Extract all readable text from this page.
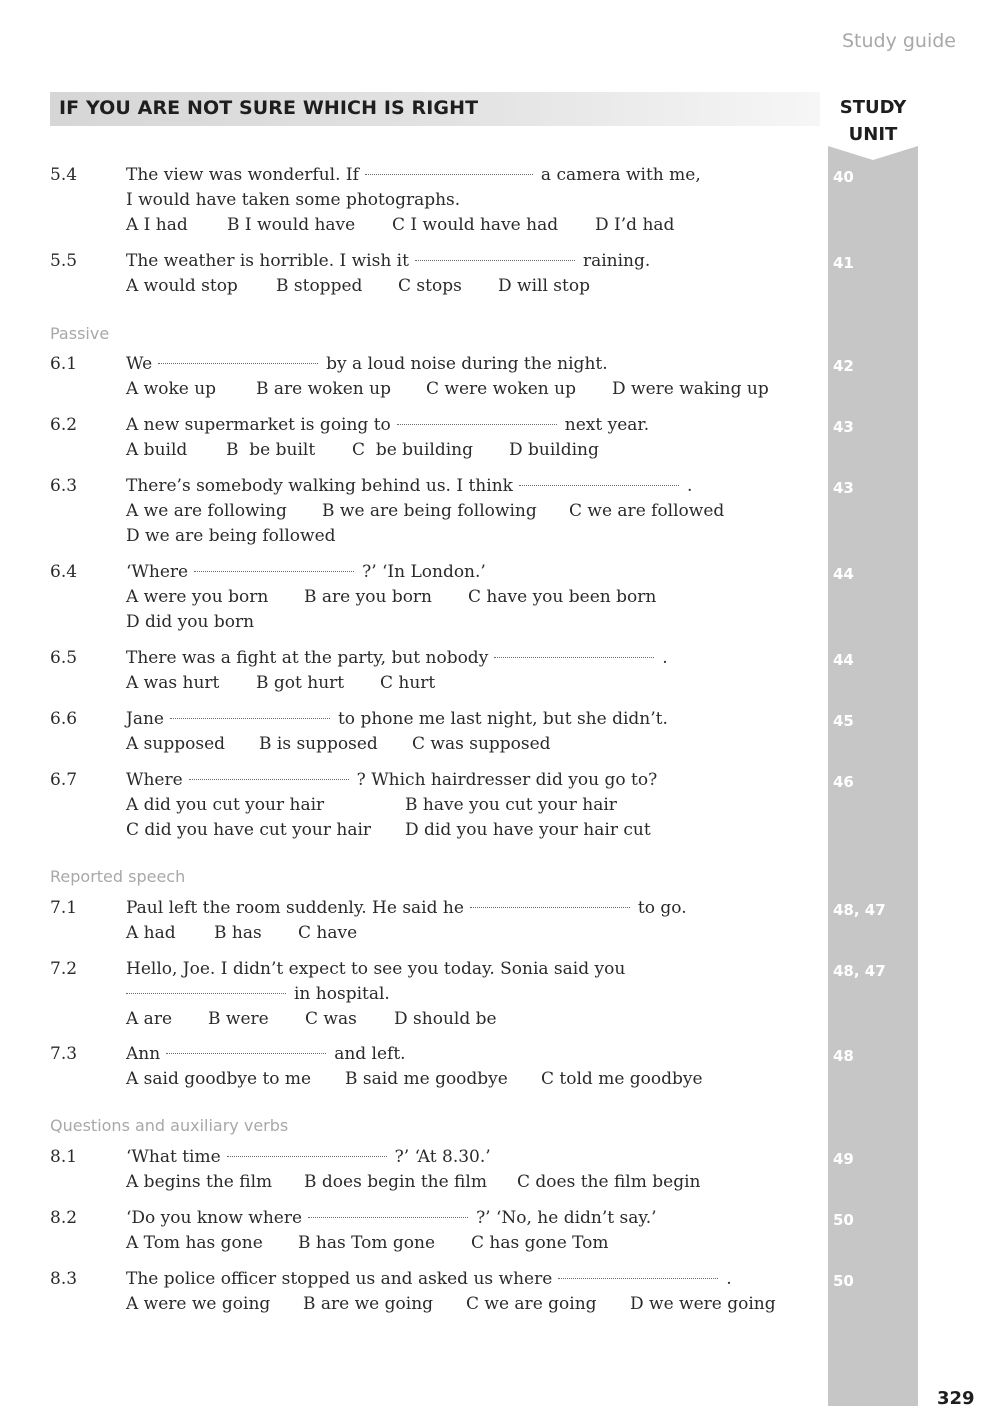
Study guide
IF YOU ARE NOT SURE WHICH IS RIGHT	STUDY
UNIT
5.4	The view was wonderful. If	a camera with me,
I would have taken some photographs.
A I had B I would have C I would have had D I’d had
40
5.5	The weather is horrible. I wish it	raining.
A would stop B stopped C stops D will stop
41
Passive
6.1	We	by a loud noise during the night.
A woke up B are woken up C were woken up D were waking up
42
6.2	A new supermarket is going to	next year.
A build B  be built C  be building D building
43
6.3	There’s somebody walking behind us. I think	.
A we are following B we are being following C we are followed
D we are being followed
43
6.4	‘Where	?’ ‘In London.’
A were you born B are you born C have you been born
D did you born
44
6.5	There was a fight at the party, but nobody	.
A was hurt B got hurt C hurt
44
6.6	Jane	to phone me last night, but she didn’t.
A supposed B is supposed C was supposed
45
6.7	Where	? Which hairdresser did you go to?
A did you cut your hair	B have you cut your hair
C did you have cut your hair D did you have your hair cut
46
Reported speech
7.1	Paul left the room suddenly. He said he	to go.
A had B has C have
48, 47
7.2	Hello, Joe. I didn’t expect to see you today. Sonia said you
in hospital.
A are B were C was D should be
48, 47
7.3	Ann	and left.
A said goodbye to me B said me goodbye C told me goodbye
48
Questions and auxiliary verbs
8.1	‘What time	?’ ‘At 8.30.’
A begins the film B does begin the film C does the film begin
49
8.2	‘Do you know where	?’ ‘No, he didn’t say.’
A Tom has gone B has Tom gone C has gone Tom
50
8.3	The police officer stopped us and asked us where	.
A were we going B are we going C we are going D we were going
50
329
